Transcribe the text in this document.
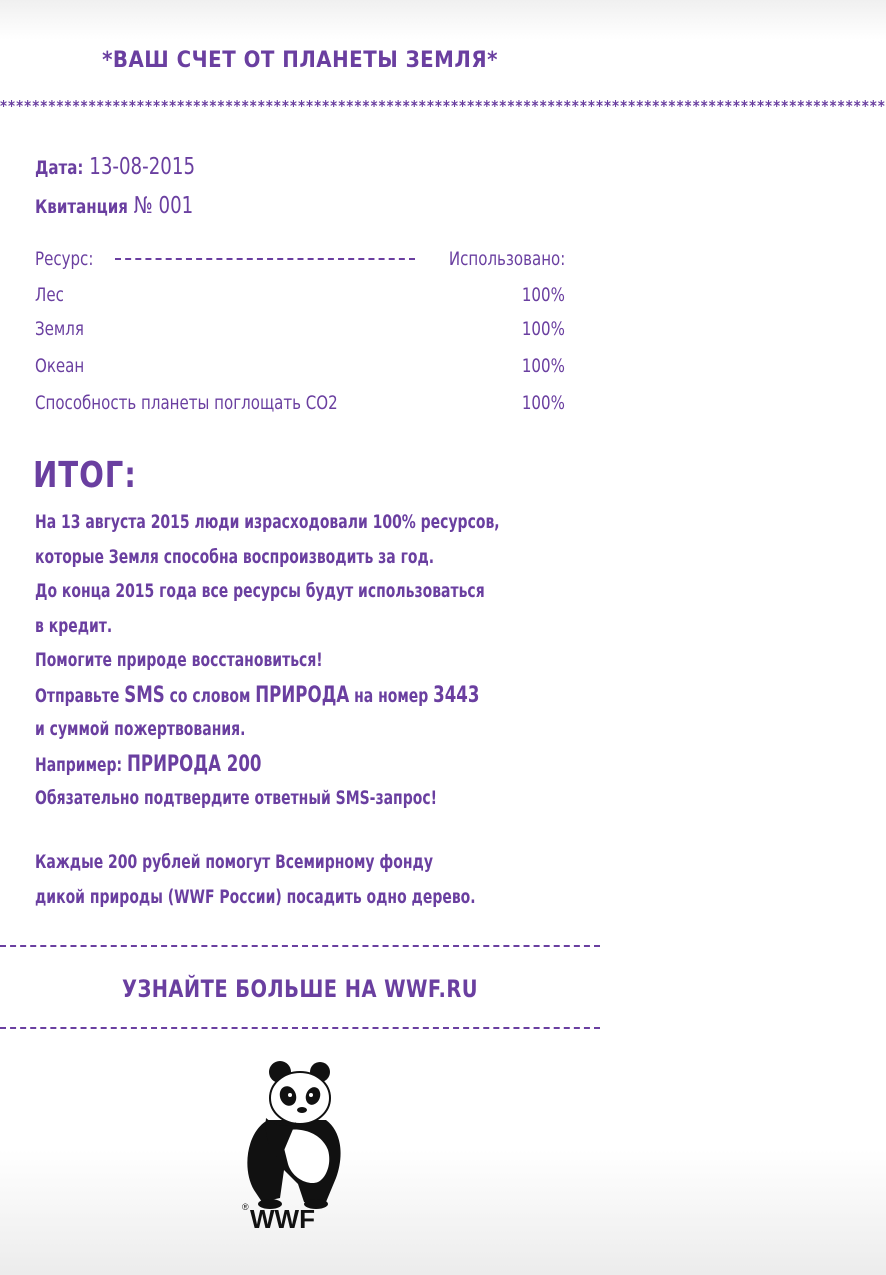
*ВАШ СЧЕТ ОТ ПЛАНЕТЫ ЗЕМЛЯ*
**************************************************************************************************************
Дата: 13-08-2015
Квитанция № 001
Ресурс:	Использовано:
Лес	100%
Земля	100%
Океан	100%
Способность планеты поглощать CO2	100%
ИТОГ:
На 13 августа 2015 люди израсходовали 100% ресурсов,
которые Земля способна воспроизводить за год.
До конца 2015 года все ресурсы будут использоваться
в кредит.
Помогите природе восстановиться!
Отправьте SMS со словом ПРИРОДА на номер 3443
и суммой пожертвования.
Например: ПРИРОДА 200
Обязательно подтвердите ответный SMS-запрос!
Каждые 200 рублей помогут Всемирному фонду
дикой природы (WWF России) посадить одно дерево.
УЗНАЙТЕ БОЛЬШЕ НА WWF.RU
WWF
®
